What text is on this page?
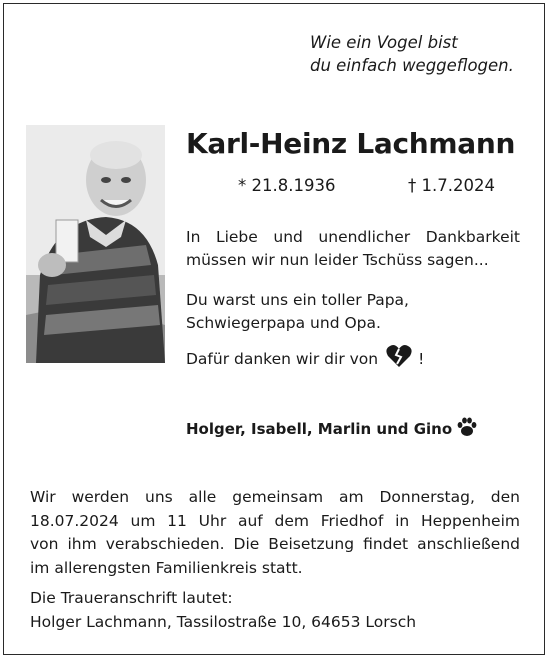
Wie ein Vogel bist
du einfach weggeflogen.
Karl-Heinz Lachmann
* 21.8.1936	† 1.7.2024
In Liebe und unendlicher Dankbarkeit
müssen wir nun leider Tschüss sagen...
Du warst uns ein toller Papa,
Schwiegerpapa und Opa.
Dafür danken wir dir von	!
Holger, Isabell, Marlin und Gino
Wir werden uns alle gemeinsam am Donnerstag, den
18.07.2024 um 11 Uhr auf dem Friedhof in Heppenheim
von ihm verabschieden. Die Beisetzung findet anschließend
im allerengsten Familienkreis statt.
Die Traueranschrift lautet:
Holger Lachmann, Tassilostraße 10, 64653 Lorsch
